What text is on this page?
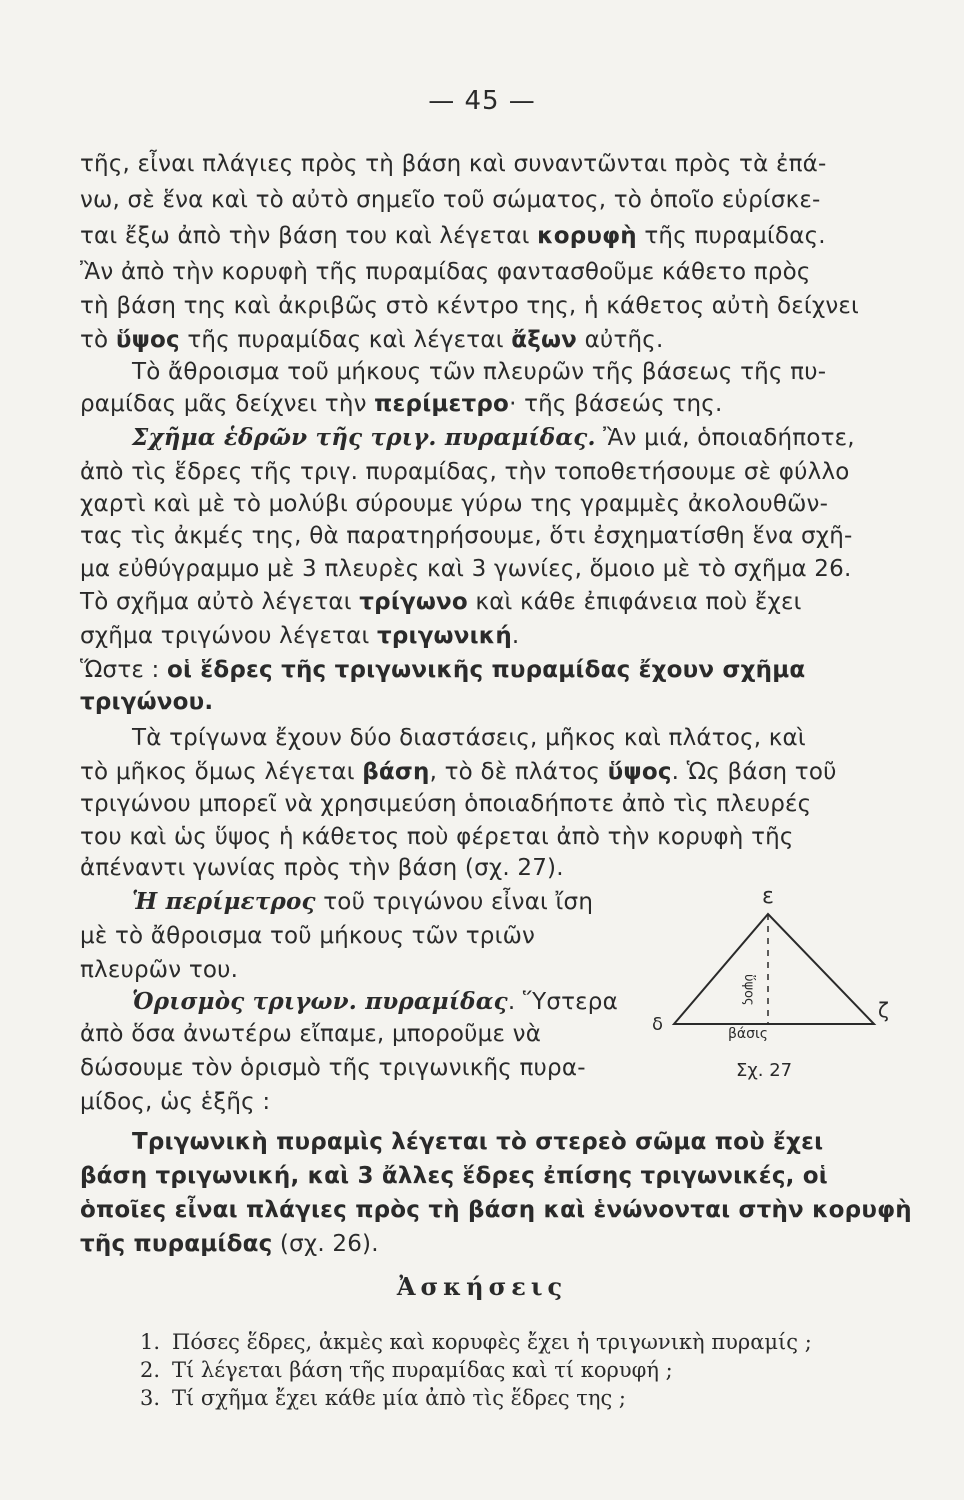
— 45 —
τῆς, εἶναι πλάγιες πρὸς τὴ βάση καὶ συναντῶνται πρὸς τὰ ἐπά-
νω, σὲ ἕνα καὶ τὸ αὐτὸ σημεῖο τοῦ σώματος, τὸ ὁποῖο εὑρίσκε-
ται ἔξω ἀπὸ τὴν βάση του καὶ λέγεται κορυφὴ τῆς πυραμίδας.
Ἂν ἀπὸ τὴν κορυφὴ τῆς πυραμίδας φαντασθοῦμε κάθετο πρὸς
τὴ βάση της καὶ ἀκριβῶς στὸ κέντρο της, ἡ κάθετος αὐτὴ δείχνει
τὸ ὕψος τῆς πυραμίδας καὶ λέγεται ἄξων αὐτῆς.
Τὸ ἄθροισμα τοῦ μήκους τῶν πλευρῶν τῆς βάσεως τῆς πυ-
ραμίδας μᾶς δείχνει τὴν περίμετρο· τῆς βάσεώς της.
Σχῆμα ἑδρῶν τῆς τριγ. πυραμίδας. Ἂν μιά, ὁποιαδήποτε,
ἀπὸ τὶς ἕδρες τῆς τριγ. πυραμίδας, τὴν τοποθετήσουμε σὲ φύλλο
χαρτὶ καὶ μὲ τὸ μολύβι σύρουμε γύρω της γραμμὲς ἀκολουθῶν-
τας τὶς ἀκμές της, θὰ παρατηρήσουμε, ὅτι ἐσχηματίσθη ἕνα σχῆ-
μα εὐθύγραμμο μὲ 3 πλευρὲς καὶ 3 γωνίες, ὅμοιο μὲ τὸ σχῆμα 26.
Τὸ σχῆμα αὐτὸ λέγεται τρίγωνο καὶ κάθε ἐπιφάνεια ποὺ ἔχει
σχῆμα τριγώνου λέγεται τριγωνική.
Ὥστε : οἱ ἕδρες τῆς τριγωνικῆς πυραμίδας ἔχουν σχῆμα
τριγώνου.
Τὰ τρίγωνα ἔχουν δύο διαστάσεις, μῆκος καὶ πλάτος, καὶ
τὸ μῆκος ὅμως λέγεται βάση, τὸ δὲ πλάτος ὕψος. Ὡς βάση τοῦ
τριγώνου μπορεῖ νὰ χρησιμεύση ὁποιαδήποτε ἀπὸ τὶς πλευρές
του καὶ ὡς ὕψος ἡ κάθετος ποὺ φέρεται ἀπὸ τὴν κορυφὴ τῆς
ἀπέναντι γωνίας πρὸς τὴν βάση (σχ. 27).
Ἡ περίμετρος τοῦ τριγώνου εἶναι ἴση
μὲ τὸ ἄθροισμα τοῦ μήκους τῶν τριῶν
πλευρῶν του.
Ὁρισμὸς τριγων. πυραμίδας. Ὕστερα
ἀπὸ ὅσα ἀνωτέρω εἴπαμε, μποροῦμε νὰ
δώσουμε τὸν ὁρισμὸ τῆς τριγωνικῆς πυρα-
μίδος, ὡς ἑξῆς :
ε
δ
ζ
ὕψος
βάσις
Σχ. 27
Τριγωνικὴ πυραμὶς λέγεται τὸ στερεὸ σῶμα ποὺ ἔχει
βάση τριγωνική, καὶ 3 ἄλλες ἕδρες ἐπίσης τριγωνικές, οἱ
ὁποῖες εἶναι πλάγιες πρὸς τὴ βάση καὶ ἑνώνονται στὴν κορυφὴ
τῆς πυραμίδας (σχ. 26).
Ἀσκήσεις
1. Πόσες ἕδρες, ἀκμὲς καὶ κορυφὲς ἔχει ἡ τριγωνικὴ πυραμίς ;
2. Τί λέγεται βάση τῆς πυραμίδας καὶ τί κορυφή ;
3. Τί σχῆμα ἔχει κάθε μία ἀπὸ τὶς ἕδρες της ;
